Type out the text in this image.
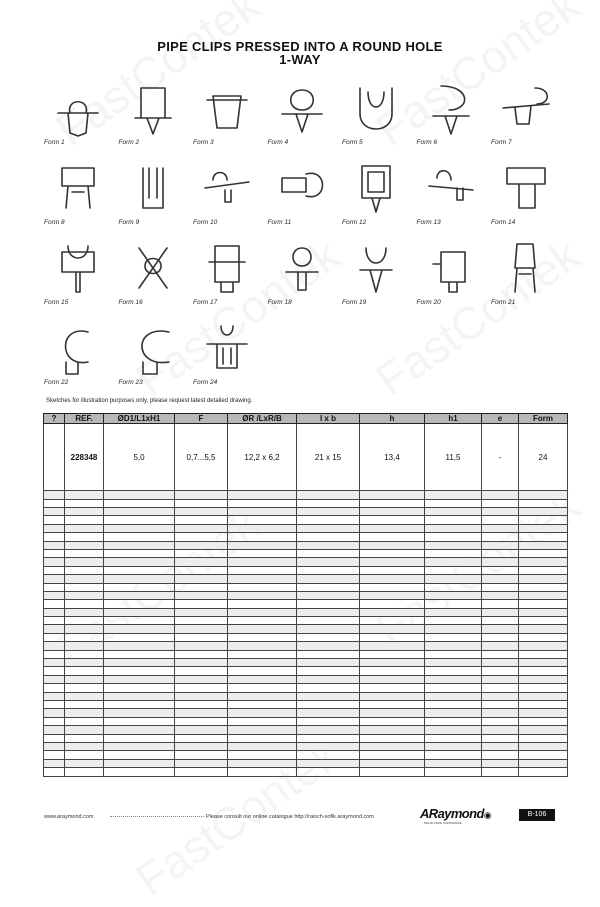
PIPE CLIPS PRESSED INTO A ROUND HOLE
1-WAY
Form 1	Form 2	Form 3	Form 4	Form 5	Form 6	Form 7
Form 8	Form 9	Form 10	Form 11	Form 12	Form 13	Form 14
Form 15	Form 16	Form 17	Form 18	Form 19	Form 20	Form 21
Form 22	Form 23	Form 24
Sketches for illustration purposes only, please request latest detailed drawing.
?	REF.	ØD1/L1xH1	F	ØR /LxR/B	l x b	h	h1	e	Form
	228348	5,0	0,7...5,5	12,2 x 6,2	21 x 15	13,4	11,5	-	24

www.araymond.com	Please consult our online catalogue http://raisch-sofik.araymond.com	ARaymond◉
SOLID TRAIL CONSTANCE
B-106
